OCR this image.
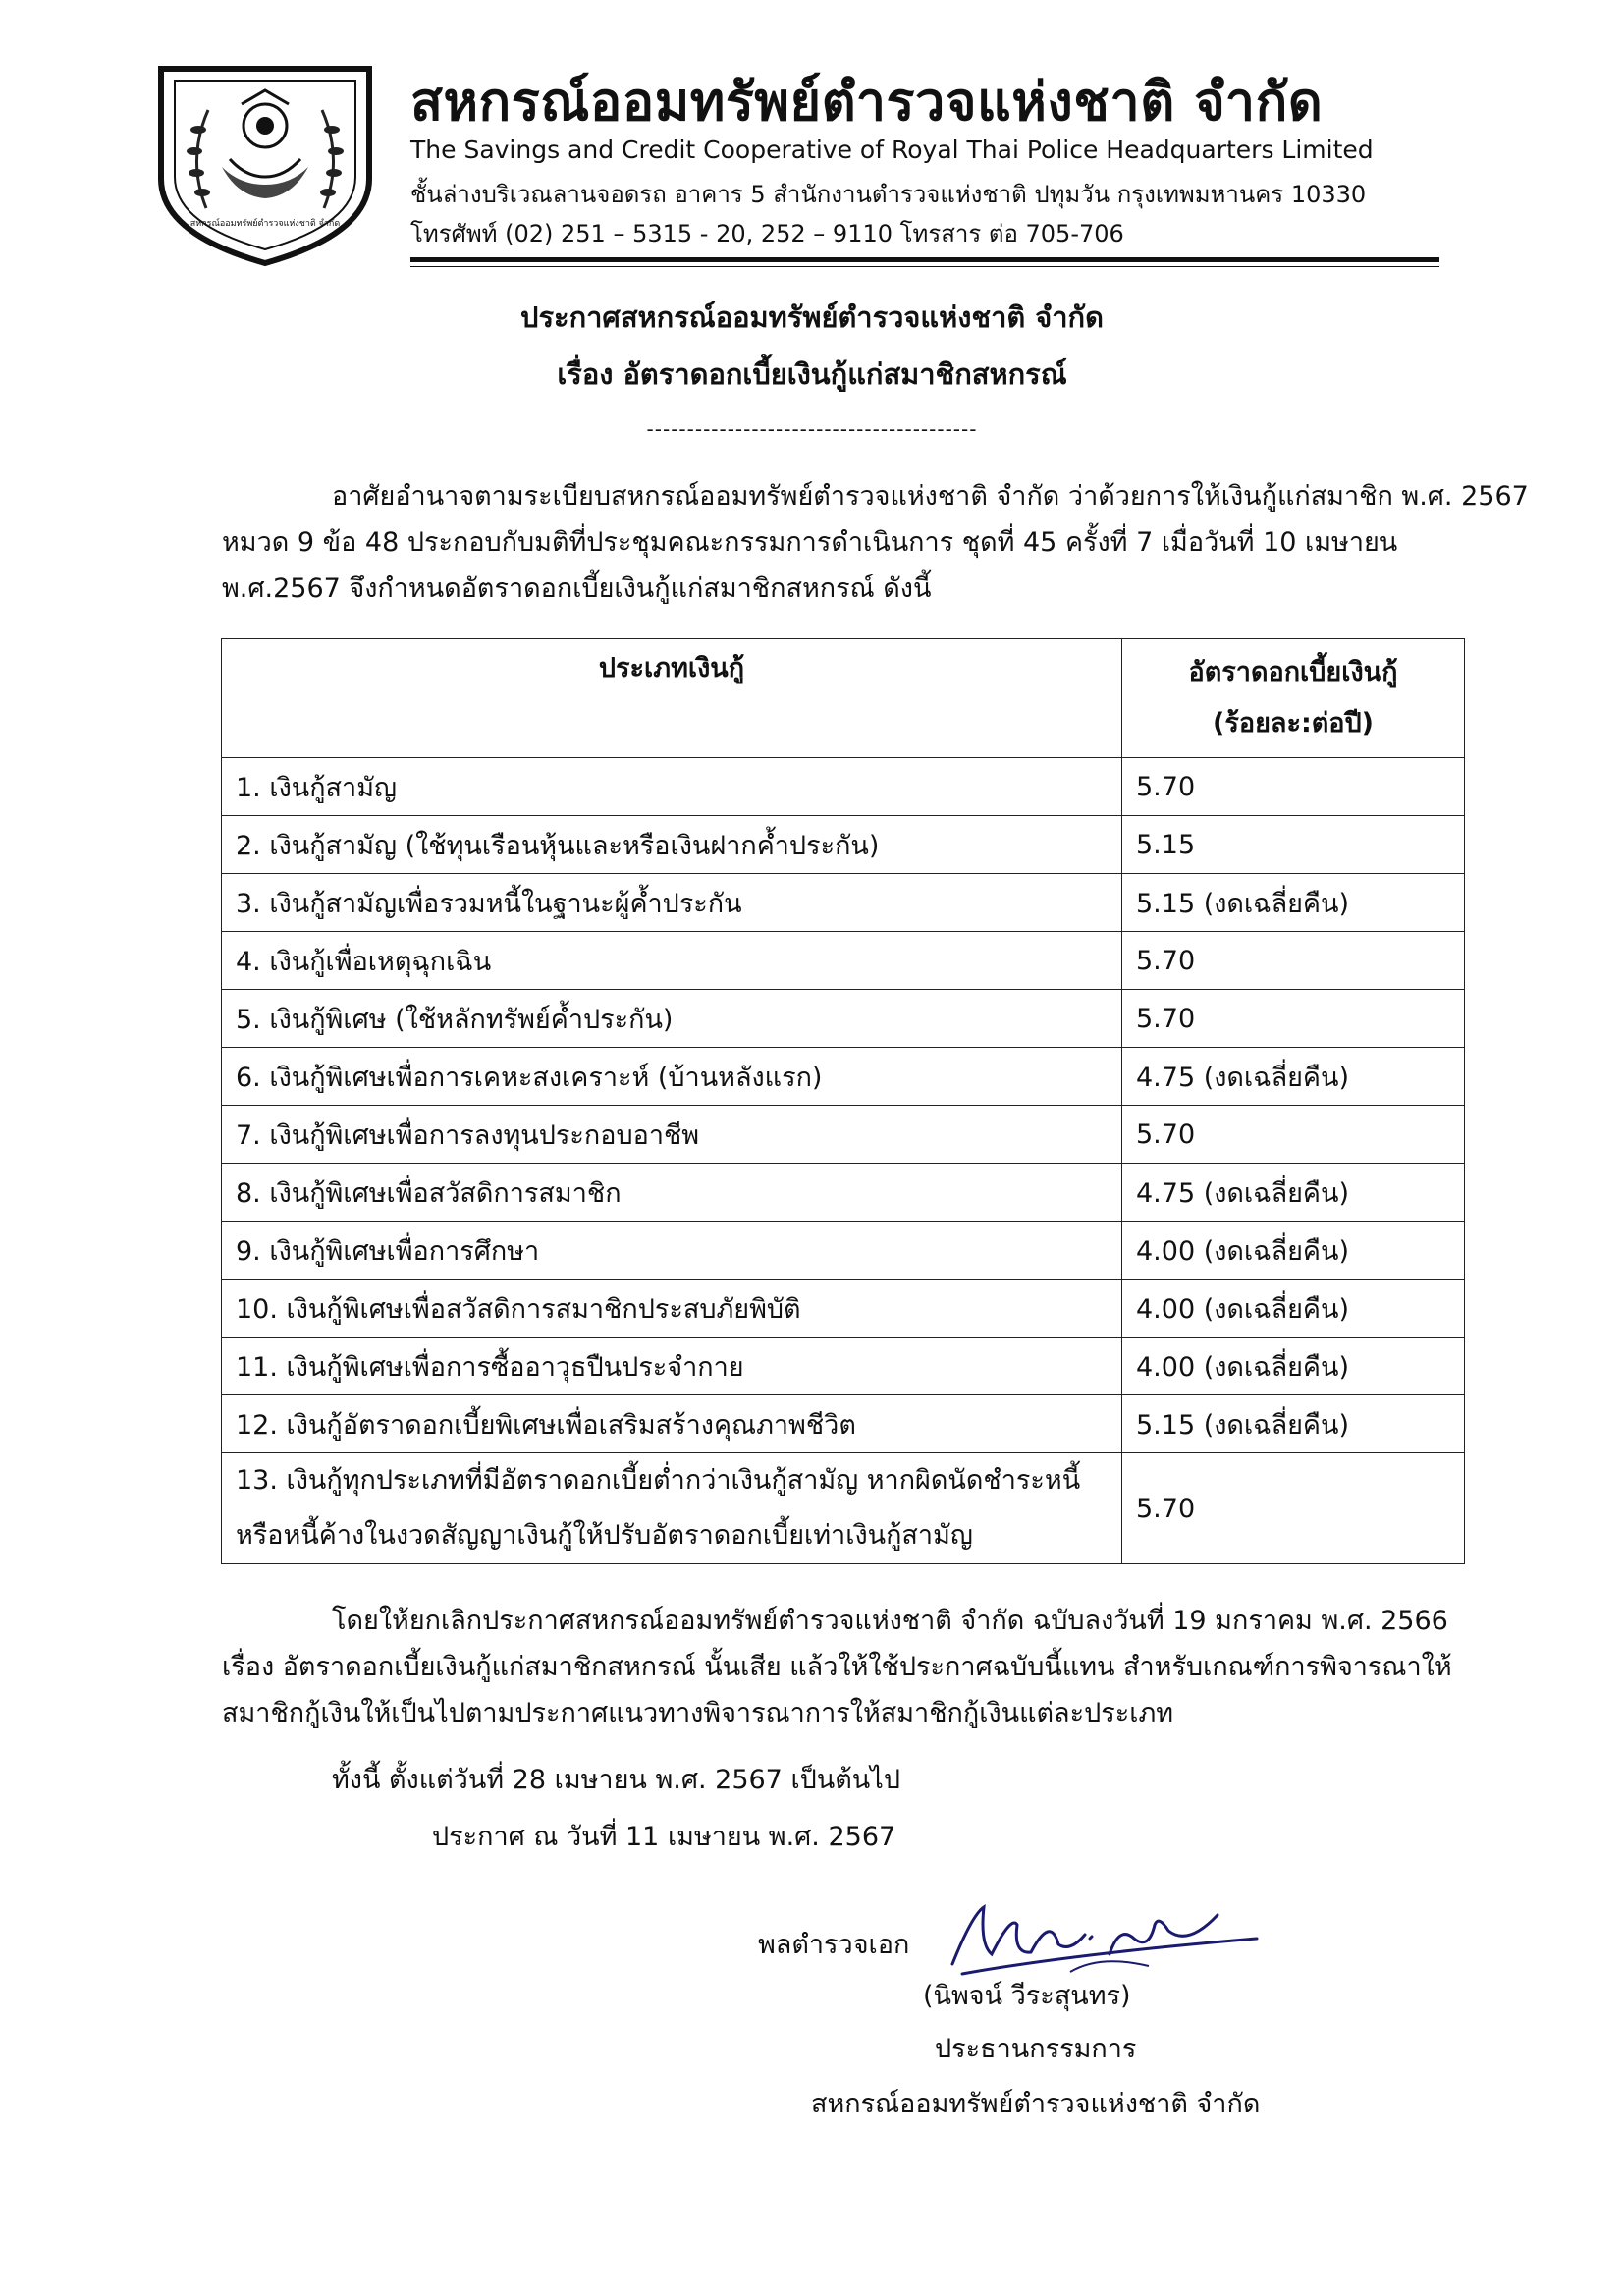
สหกรณ์ออมทรัพย์ตำรวจแห่งชาติ จำกัด
สหกรณ์ออมทรัพย์ตำรวจแห่งชาติ จำกัด
The Savings and Credit Cooperative of Royal Thai Police Headquarters Limited
ชั้นล่างบริเวณลานจอดรถ อาคาร 5 สำนักงานตำรวจแห่งชาติ ปทุมวัน กรุงเทพมหานคร 10330
โทรศัพท์ (02) 251 – 5315 - 20, 252 – 9110 โทรสาร ต่อ 705-706
ประกาศสหกรณ์ออมทรัพย์ตำรวจแห่งชาติ จำกัด
เรื่อง อัตราดอกเบี้ยเงินกู้แก่สมาชิกสหกรณ์
-----------------------------------------
อาศัยอำนาจตามระเบียบสหกรณ์ออมทรัพย์ตำรวจแห่งชาติ จำกัด ว่าด้วยการให้เงินกู้แก่สมาชิก พ.ศ. 2567
หมวด 9 ข้อ 48 ประกอบกับมติที่ประชุมคณะกรรมการดำเนินการ ชุดที่ 45 ครั้งที่ 7 เมื่อวันที่ 10 เมษายน
พ.ศ.2567 จึงกำหนดอัตราดอกเบี้ยเงินกู้แก่สมาชิกสหกรณ์ ดังนี้
ประเภทเงินกู้	อัตราดอกเบี้ยเงินกู้
(ร้อยละ:ต่อปี)

1. เงินกู้สามัญ	5.70
2. เงินกู้สามัญ (ใช้ทุนเรือนหุ้นและหรือเงินฝากค้ำประกัน)	5.15
3. เงินกู้สามัญเพื่อรวมหนี้ในฐานะผู้ค้ำประกัน	5.15 (งดเฉลี่ยคืน)
4. เงินกู้เพื่อเหตุฉุกเฉิน	5.70
5. เงินกู้พิเศษ (ใช้หลักทรัพย์ค้ำประกัน)	5.70
6. เงินกู้พิเศษเพื่อการเคหะสงเคราะห์ (บ้านหลังแรก)	4.75 (งดเฉลี่ยคืน)
7. เงินกู้พิเศษเพื่อการลงทุนประกอบอาชีพ	5.70
8. เงินกู้พิเศษเพื่อสวัสดิการสมาชิก	4.75 (งดเฉลี่ยคืน)
9. เงินกู้พิเศษเพื่อการศึกษา	4.00 (งดเฉลี่ยคืน)
10. เงินกู้พิเศษเพื่อสวัสดิการสมาชิกประสบภัยพิบัติ	4.00 (งดเฉลี่ยคืน)
11. เงินกู้พิเศษเพื่อการซื้ออาวุธปืนประจำกาย	4.00 (งดเฉลี่ยคืน)
12. เงินกู้อัตราดอกเบี้ยพิเศษเพื่อเสริมสร้างคุณภาพชีวิต	5.15 (งดเฉลี่ยคืน)

13. เงินกู้ทุกประเภทที่มีอัตราดอกเบี้ยต่ำกว่าเงินกู้สามัญ หากผิดนัดชำระหนี้
หรือหนี้ค้างในงวดสัญญาเงินกู้ให้ปรับอัตราดอกเบี้ยเท่าเงินกู้สามัญ	5.70
โดยให้ยกเลิกประกาศสหกรณ์ออมทรัพย์ตำรวจแห่งชาติ จำกัด ฉบับลงวันที่ 19 มกราคม พ.ศ. 2566
เรื่อง อัตราดอกเบี้ยเงินกู้แก่สมาชิกสหกรณ์ นั้นเสีย แล้วให้ใช้ประกาศฉบับนี้แทน สำหรับเกณฑ์การพิจารณาให้
สมาชิกกู้เงินให้เป็นไปตามประกาศแนวทางพิจารณาการให้สมาชิกกู้เงินแต่ละประเภท
ทั้งนี้ ตั้งแต่วันที่ 28 เมษายน พ.ศ. 2567 เป็นต้นไป
ประกาศ ณ วันที่ 11 เมษายน พ.ศ. 2567
พลตำรวจเอก
(นิพจน์ วีระสุนทร)
ประธานกรรมการ
สหกรณ์ออมทรัพย์ตำรวจแห่งชาติ จำกัด
